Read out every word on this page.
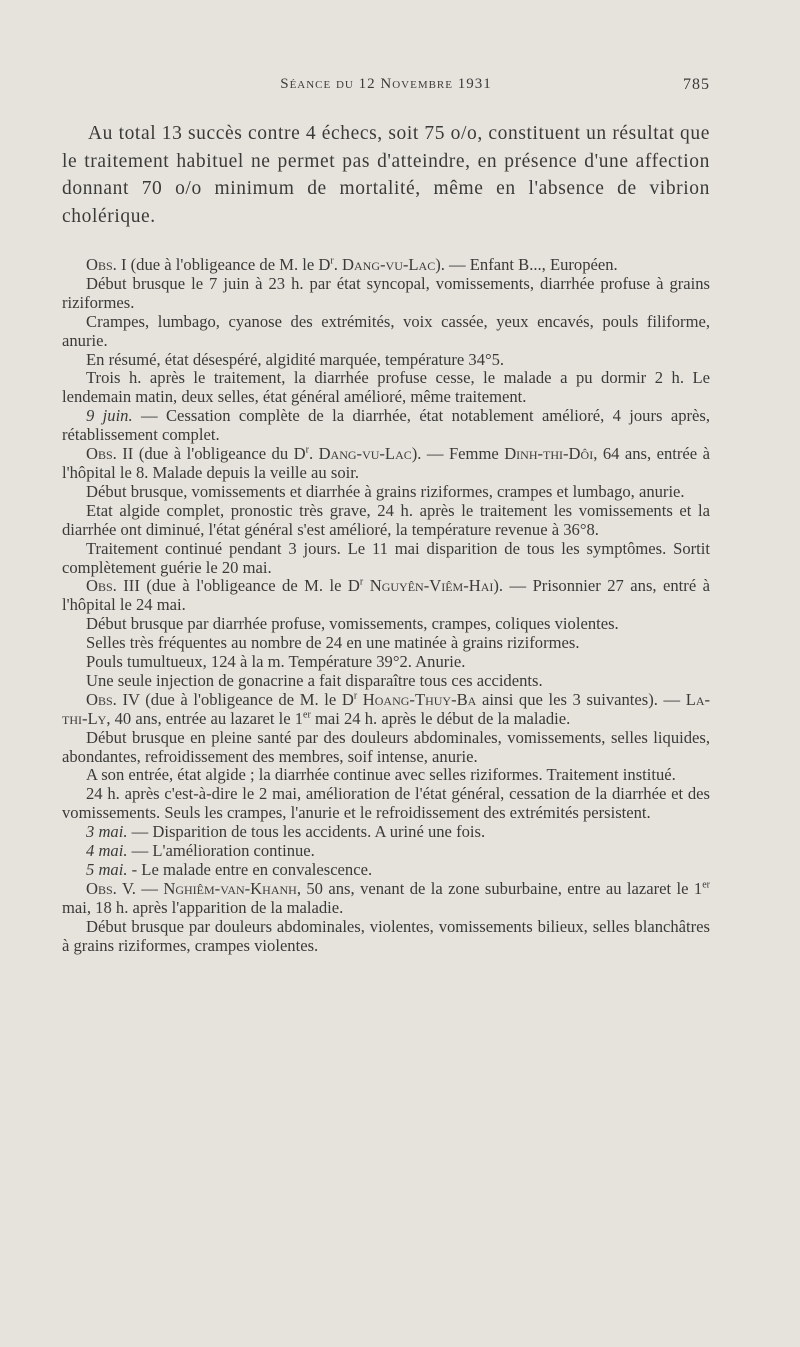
Séance du 12 Novembre 1931	785

Au total 13 succès contre 4 échecs, soit 75 o/o, constituent un résultat que le traitement habituel ne permet pas d'atteindre, en présence d'une affection donnant 70 o/o minimum de mortalité, même en l'absence de vibrion cholérique.

Obs. I (due à l'obligeance de M. le $D^r$. Dang-vu-Lac). — Enfant B..., Européen.

Début brusque le 7 juin à 23 h. par état syncopal, vomissements, diarrhée profuse à grains riziformes.

Crampes, lumbago, cyanose des extrémités, voix cassée, yeux encavés, pouls filiforme, anurie.

En résumé, état désespéré, algidité marquée, température 34°5.

Trois h. après le traitement, la diarrhée profuse cesse, le malade a pu dormir 2 h. Le lendemain matin, deux selles, état général amélioré, même traitement.

9 juin. — Cessation complète de la diarrhée, état notablement amélioré, 4 jours après, rétablissement complet.

Obs. II (due à l'obligeance du $D^r$. Dang-vu-Lac). — Femme Dinh-thi-Dôi, 64 ans, entrée à l'hôpital le 8. Malade depuis la veille au soir.

Début brusque, vomissements et diarrhée à grains riziformes, crampes et lumbago, anurie.

Etat algide complet, pronostic très grave, 24 h. après le traitement les vomissements et la diarrhée ont diminué, l'état général s'est amélioré, la température revenue à 36°8.

Traitement continué pendant 3 jours. Le 11 mai disparition de tous les symptômes. Sortit complètement guérie le 20 mai.

Obs. III (due à l'obligeance de M. le $D^r$ Nguyên-Viêm-Hai). — Prisonnier 27 ans, entré à l'hôpital le 24 mai.

Début brusque par diarrhée profuse, vomissements, crampes, coliques violentes.

Selles très fréquentes au nombre de 24 en une matinée à grains riziformes.

Pouls tumultueux, 124 à la m. Température 39°2. Anurie.

Une seule injection de gonacrine a fait disparaître tous ces accidents.

Obs. IV (due à l'obligeance de M. le $D^r$ Hoang-Thuy-Ba ainsi que les 3 suivantes). — La-thi-Ly, 40 ans, entrée au lazaret le 1er mai 24 h. après le début de la maladie.

Début brusque en pleine santé par des douleurs abdominales, vomissements, selles liquides, abondantes, refroidissement des membres, soif intense, anurie.

A son entrée, état algide ; la diarrhée continue avec selles riziformes. Traitement institué.

24 h. après c'est-à-dire le 2 mai, amélioration de l'état général, cessation de la diarrhée et des vomissements. Seuls les crampes, l'anurie et le refroidissement des extrémités persistent.

3 mai. — Disparition de tous les accidents. A uriné une fois.

4 mai. — L'amélioration continue.

5 mai. - Le malade entre en convalescence.

Obs. V. — Nghiêm-van-Khanh, 50 ans, venant de la zone suburbaine, entre au lazaret le 1er mai, 18 h. après l'apparition de la maladie.

Début brusque par douleurs abdominales, violentes, vomissements bilieux, selles blanchâtres à grains riziformes, crampes violentes.
